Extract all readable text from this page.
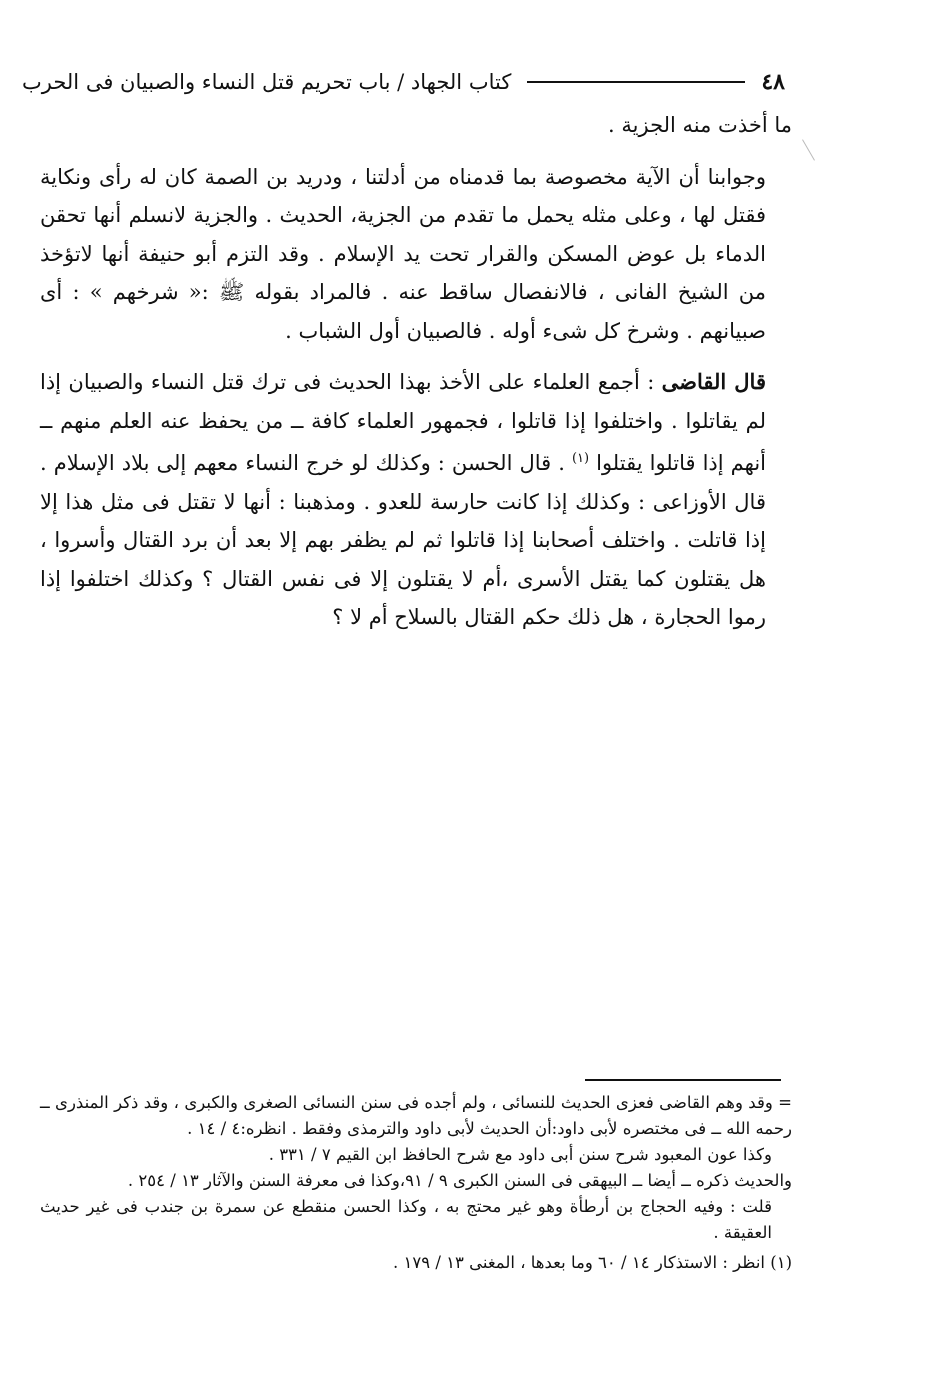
كتاب الجهاد / باب تحريم قتل النساء والصبيان فى الحرب	٤٨

ما أخذت منه الجزية .

وجوابنا أن الآية مخصوصة بما قدمناه من أدلتنا ، ودريد بن الصمة كان له رأى ونكاية فقتل لها ، وعلى مثله يحمل ما تقدم من الجزية، الحديث . والجزية لانسلم أنها تحقن الدماء بل عوض المسكن والقرار تحت يد الإسلام . وقد التزم أبو حنيفة أنها لاتؤخذ من الشيخ الفانى ، فالانفصال ساقط عنه . فالمراد بقوله ﷺ :« شرخهم » : أى صبيانهم . وشرخ كل شىء أوله . فالصبيان أول الشباب .

قال القاضى : أجمع العلماء على الأخذ بهذا الحديث فى ترك قتل النساء والصبيان إذا لم يقاتلوا . واختلفوا إذا قاتلوا ، فجمهور العلماء كافة ــ من يحفظ عنه العلم منهم ــ أنهم إذا قاتلوا يقتلوا $^{(١)}$ . قال الحسن : وكذلك لو خرج النساء معهم إلى بلاد الإسلام . قال الأوزاعى : وكذلك إذا كانت حارسة للعدو . ومذهبنا : أنها لا تقتل فى مثل هذا إلا إذا قاتلت . واختلف أصحابنا إذا قاتلوا ثم لم يظفر بهم إلا بعد أن برد القتال وأسروا ، هل يقتلون كما يقتل الأسرى ،أم لا يقتلون إلا فى نفس القتال ؟ وكذلك اختلفوا إذا رموا الحجارة ، هل ذلك حكم القتال بالسلاح أم لا ؟

= وقد وهم القاضى فعزى الحديث للنسائى ، ولم أجده فى سنن النسائى الصغرى والكبرى ، وقد ذكر المنذرى ــ رحمه الله ــ فى مختصره لأبى داود:أن الحديث لأبى داود والترمذى وفقط . انظره:٤ / ١٤ .

وكذا عون المعبود شرح سنن أبى داود مع شرح الحافظ ابن القيم ٧ / ٣٣١ .

والحديث ذكره ــ أيضا ــ البيهقى فى السنن الكبرى ٩ / ٩١،وكذا فى معرفة السنن والآثار ١٣ / ٢٥٤ .

قلت : وفيه الحجاج بن أرطأة وهو غير محتج به ، وكذا الحسن منقطع عن سمرة بن جندب فى غير حديث العقيقة .

(١) انظر : الاستذكار ١٤ / ٦٠ وما بعدها ، المغنى ١٣ / ١٧٩ .
